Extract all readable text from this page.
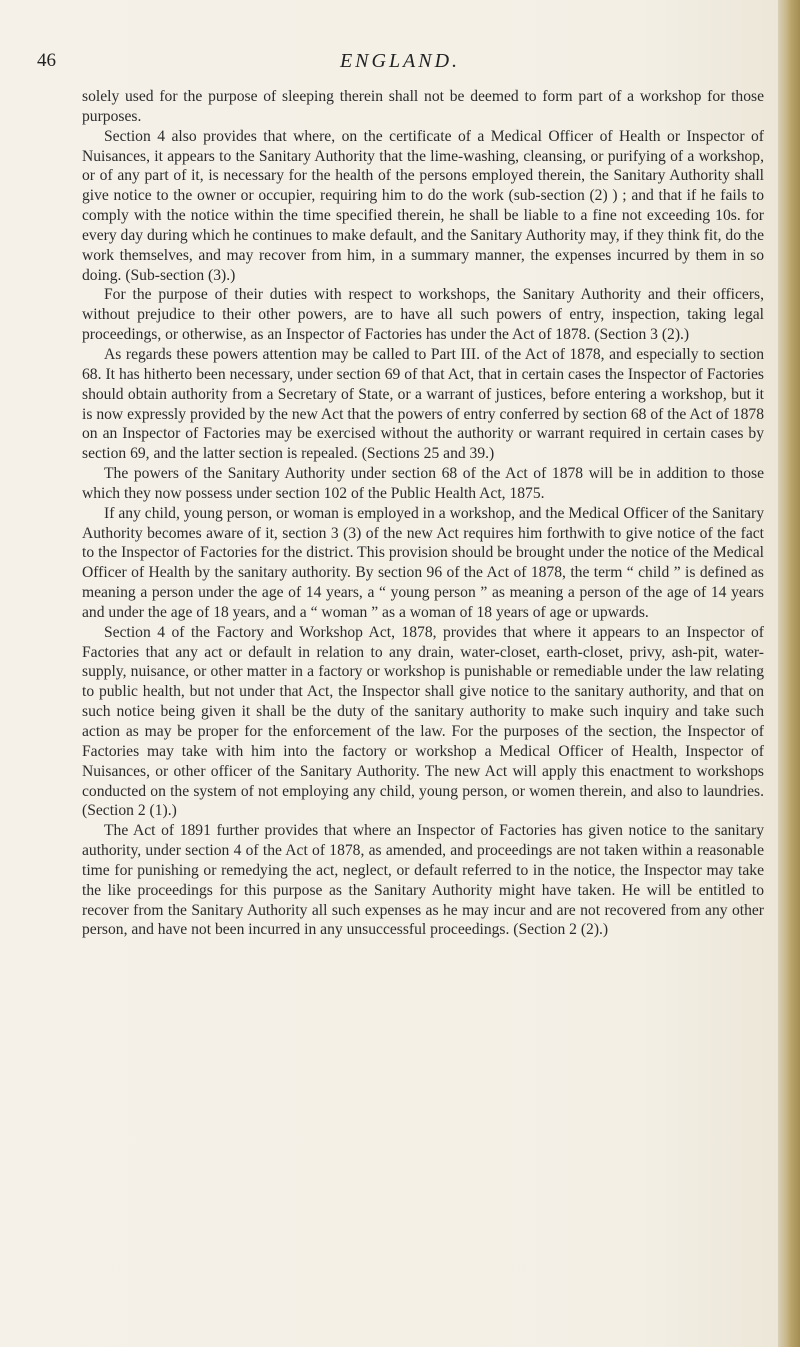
46	ENGLAND.

solely used for the purpose of sleeping therein shall not be deemed to form part of a workshop for those purposes.

Section 4 also provides that where, on the certificate of a Medical Officer of Health or Inspector of Nuisances, it appears to the Sanitary Authority that the lime-washing, cleansing, or purifying of a workshop, or of any part of it, is necessary for the health of the persons employed therein, the Sanitary Authority shall give notice to the owner or occupier, requiring him to do the work (sub-section (2) ) ; and that if he fails to comply with the notice within the time specified therein, he shall be liable to a fine not exceeding 10s. for every day during which he continues to make default, and the Sanitary Authority may, if they think fit, do the work themselves, and may recover from him, in a summary manner, the expenses incurred by them in so doing. (Sub-section (3).)

For the purpose of their duties with respect to workshops, the Sanitary Authority and their officers, without prejudice to their other powers, are to have all such powers of entry, inspection, taking legal proceedings, or otherwise, as an Inspector of Factories has under the Act of 1878. (Section 3 (2).)

As regards these powers attention may be called to Part III. of the Act of 1878, and especially to section 68. It has hitherto been necessary, under section 69 of that Act, that in certain cases the Inspector of Factories should obtain authority from a Secretary of State, or a warrant of justices, before entering a workshop, but it is now expressly provided by the new Act that the powers of entry conferred by section 68 of the Act of 1878 on an Inspector of Factories may be exercised without the authority or warrant required in certain cases by section 69, and the latter section is repealed. (Sections 25 and 39.)

The powers of the Sanitary Authority under section 68 of the Act of 1878 will be in addition to those which they now possess under section 102 of the Public Health Act, 1875.

If any child, young person, or woman is employed in a workshop, and the Medical Officer of the Sanitary Authority becomes aware of it, section 3 (3) of the new Act requires him forthwith to give notice of the fact to the Inspector of Factories for the district. This provision should be brought under the notice of the Medical Officer of Health by the sanitary authority. By section 96 of the Act of 1878, the term “ child ” is defined as meaning a person under the age of 14 years, a “ young person ” as meaning a person of the age of 14 years and under the age of 18 years, and a “ woman ” as a woman of 18 years of age or upwards.

Section 4 of the Factory and Workshop Act, 1878, provides that where it appears to an Inspector of Factories that any act or default in relation to any drain, water-closet, earth-closet, privy, ash-pit, water-supply, nuisance, or other matter in a factory or workshop is punishable or remediable under the law relating to public health, but not under that Act, the Inspector shall give notice to the sanitary authority, and that on such notice being given it shall be the duty of the sanitary authority to make such inquiry and take such action as may be proper for the enforcement of the law. For the purposes of the section, the Inspector of Factories may take with him into the factory or workshop a Medical Officer of Health, Inspector of Nuisances, or other officer of the Sanitary Authority. The new Act will apply this enactment to workshops conducted on the system of not employing any child, young person, or women therein, and also to laundries. (Section 2 (1).)

The Act of 1891 further provides that where an Inspector of Factories has given notice to the sanitary authority, under section 4 of the Act of 1878, as amended, and proceedings are not taken within a reasonable time for punishing or remedying the act, neglect, or default referred to in the notice, the Inspector may take the like proceedings for this purpose as the Sanitary Authority might have taken. He will be entitled to recover from the Sanitary Authority all such expenses as he may incur and are not recovered from any other person, and have not been incurred in any unsuccessful proceedings. (Section 2 (2).)
